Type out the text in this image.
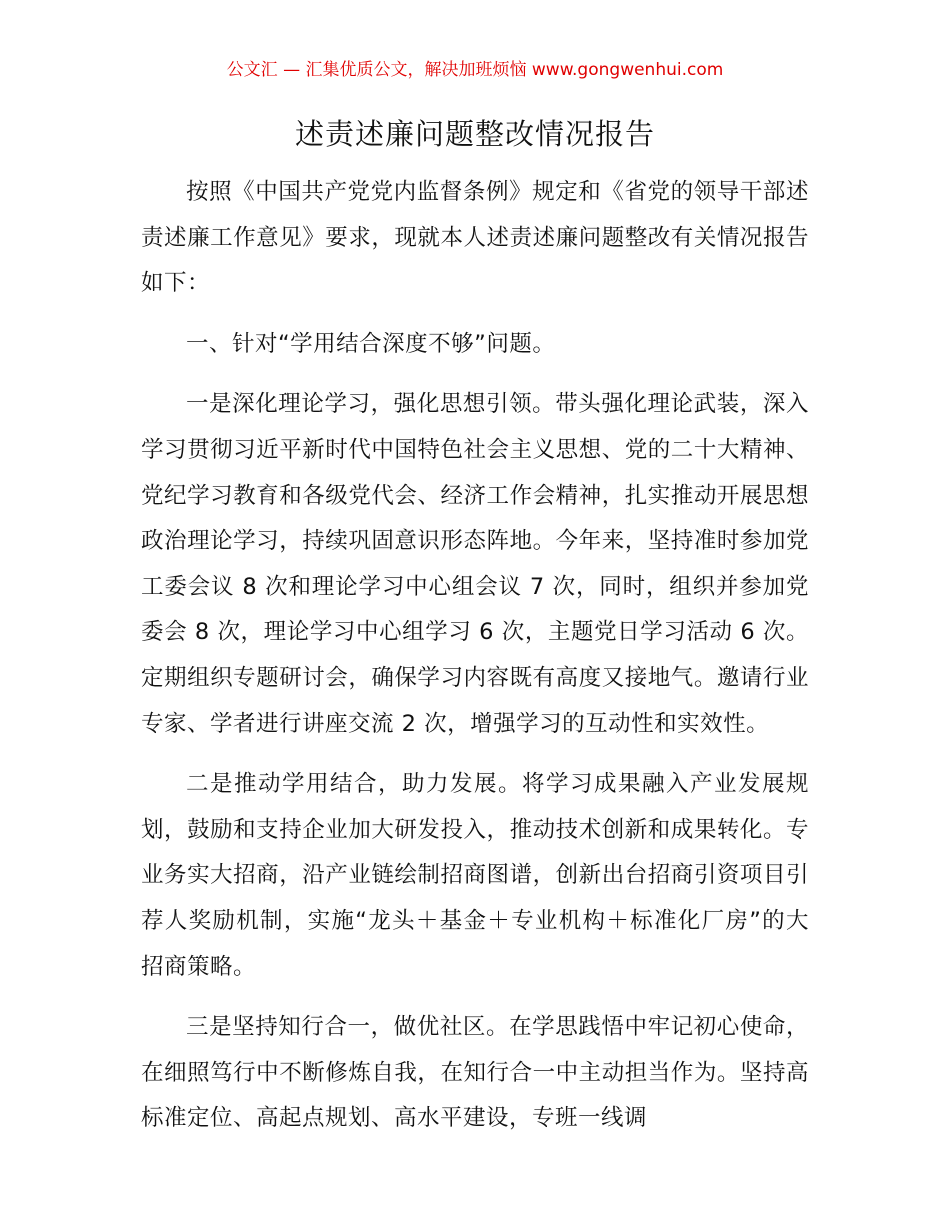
公文汇 — 汇集优质公文，解决加班烦恼 www.gongwenhui.com
述责述廉问题整改情况报告

按照《中国共产党党内监督条例》规定和《省党的领导干部述责述廉工作意见》要求，现就本人述责述廉问题整改有关情况报告如下：

一、针对“学用结合深度不够”问题。

一是深化理论学习，强化思想引领。带头强化理论武装，深入学习贯彻习近平新时代中国特色社会主义思想、党的二十大精神、党纪学习教育和各级党代会、经济工作会精神，扎实推动开展思想政治理论学习，持续巩固意识形态阵地。今年来，坚持准时参加党工委会议 8 次和理论学习中心组会议 7 次，同时，组织并参加党委会 8 次，理论学习中心组学习 6 次，主题党日学习活动 6 次。定期组织专题研讨会，确保学习内容既有高度又接地气。邀请行业专家、学者进行讲座交流 2 次，增强学习的互动性和实效性。

二是推动学用结合，助力发展。将学习成果融入产业发展规划，鼓励和支持企业加大研发投入，推动技术创新和成果转化。专业务实大招商，沿产业链绘制招商图谱，创新出台招商引资项目引荐人奖励机制，实施“龙头＋基金＋专业机构＋标准化厂房”的大招商策略。

三是坚持知行合一，做优社区。在学思践悟中牢记初心使命，在细照笃行中不断修炼自我，在知行合一中主动担当作为。坚持高标准定位、高起点规划、高水平建设，专班一线调
